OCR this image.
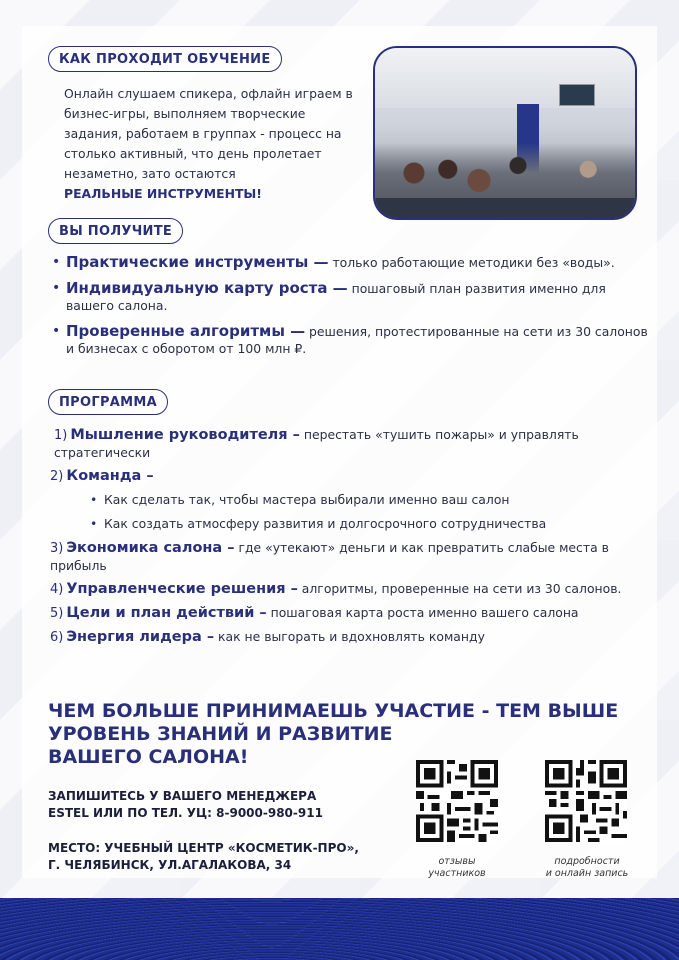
КАК ПРОХОДИТ ОБУЧЕНИЕ
Онлайн слушаем спикера, офлайн играем в бизнес-игры, выполняем творческие задания, работаем в группах - процесс на столько активный, что день пролетает незаметно, зато остаются
РЕАЛЬНЫЕ ИНСТРУМЕНТЫ!
ВЫ ПОЛУЧИТЕ
• Практические инструменты — только работающие методики без «воды».
• Индивидуальную карту роста — пошаговый план развития именно для вашего салона.
• Проверенные алгоритмы — решения, протестированные на сети из 30 салонов и бизнесах с оборотом от 100 млн ₽.
ПРОГРАММА
1) Мышление руководителя – перестать «тушить пожары» и управлять стратегически
2) Команда –
• Как сделать так, чтобы мастера выбирали именно ваш салон
• Как создать атмосферу развития и долгосрочного сотрудничества
3) Экономика салона – где «утекают» деньги и как превратить слабые места в прибыль
4) Управленческие решения – алгоритмы, проверенные на сети из 30 салонов.
5) Цели и план действий – пошаговая карта роста именно вашего салона
6) Энергия лидера – как не выгорать и вдохновлять команду
ЧЕМ БОЛЬШЕ ПРИНИМАЕШЬ УЧАСТИЕ - ТЕМ ВЫШЕ
УРОВЕНЬ ЗНАНИЙ И РАЗВИТИЕ
ВАШЕГО САЛОНА!
ЗАПИШИТЕСЬ У ВАШЕГО МЕНЕДЖЕРА
ESTEL ИЛИ ПО ТЕЛ. УЦ: 8-9000-980-911
МЕСТО: УЧЕБНЫЙ ЦЕНТР «КОСМЕТИК-ПРО»,
Г. ЧЕЛЯБИНСК, УЛ.АГАЛАКОВА, 34	отзывы
участников
подробности
и онлайн запись
